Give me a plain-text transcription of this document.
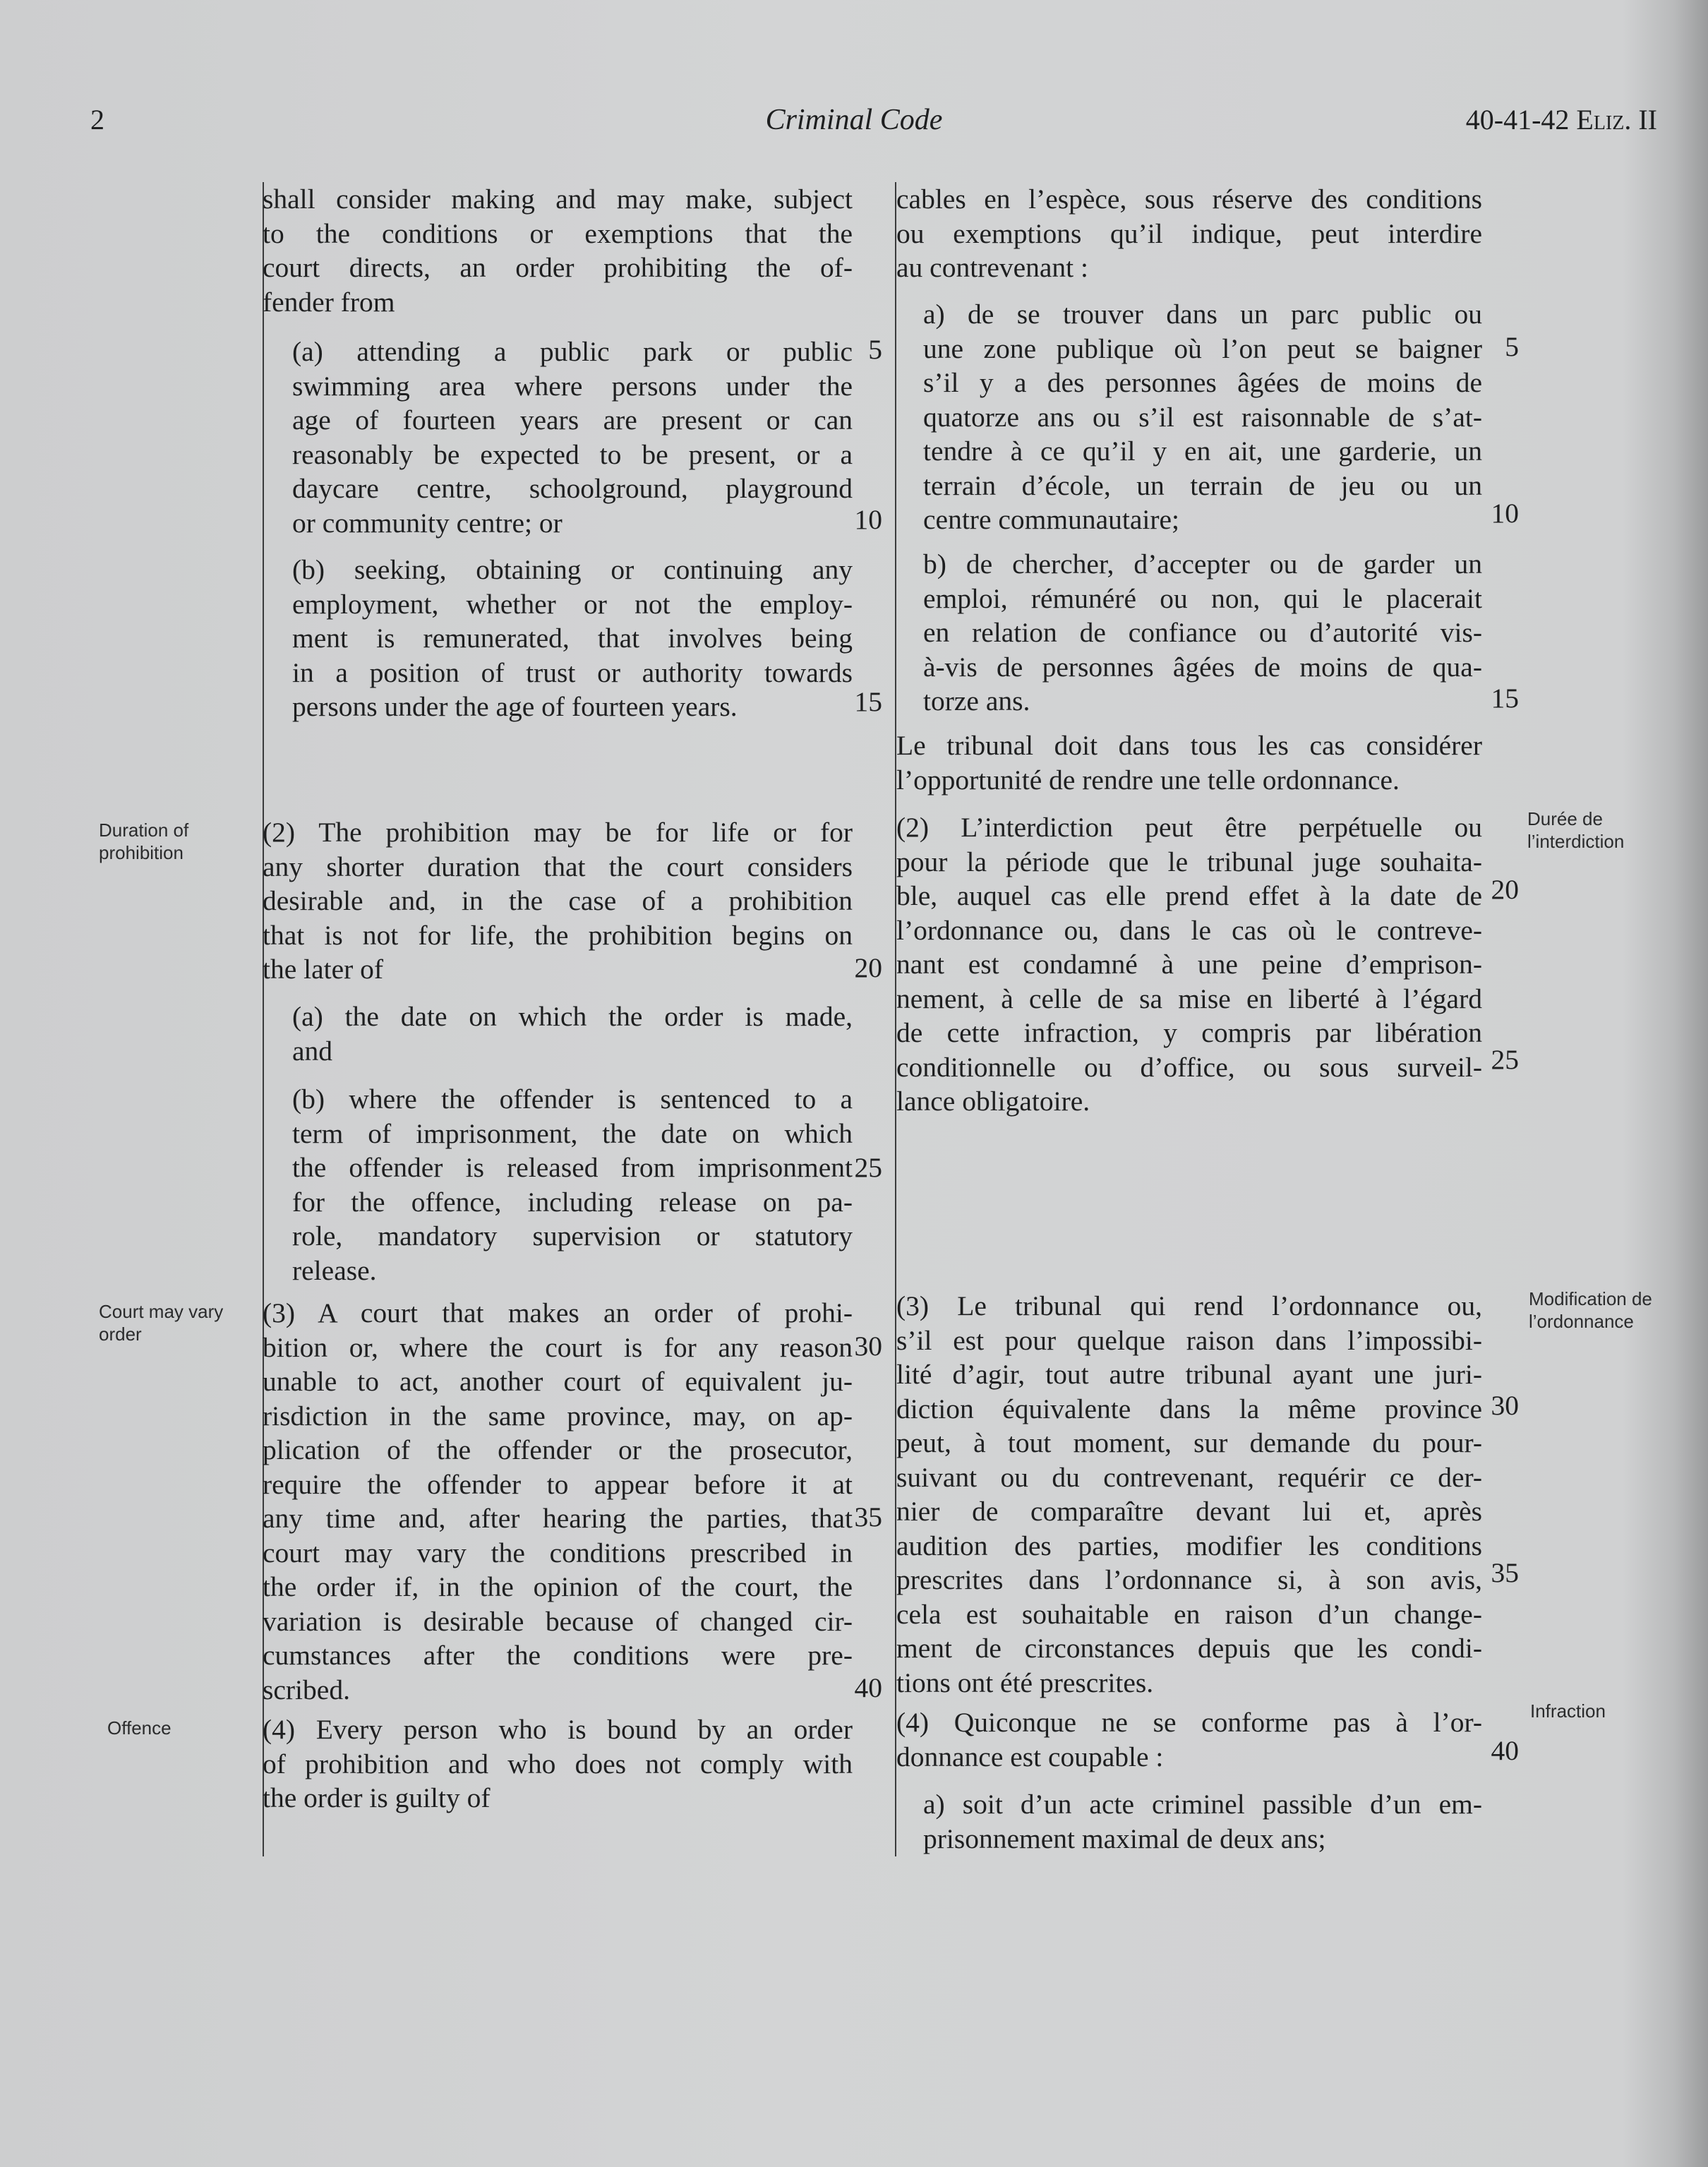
Criminal Code
2	40-41-42 Eliz. II
shall consider making and may make, subject
to the conditions or exemptions that the
court directs, an order prohibiting the of-
fender from
(a) attending a public park or public
swimming area where persons under the
age of fourteen years are present or can
reasonably be expected to be present, or a
daycare centre, schoolground, playground
or community centre; or
(b) seeking, obtaining or continuing any
employment, whether or not the employ-
ment is remunerated, that involves being
in a position of trust or authority towards
persons under the age of fourteen years.
(2) The prohibition may be for life or for
any shorter duration that the court considers
desirable and, in the case of a prohibition
that is not for life, the prohibition begins on
the later of
(a) the date on which the order is made,
and
(b) where the offender is sentenced to a
term of imprisonment, the date on which
the offender is released from imprisonment
for the offence, including release on pa-
role, mandatory supervision or statutory
release.
(3) A court that makes an order of prohi-
bition or, where the court is for any reason
unable to act, another court of equivalent ju-
risdiction in the same province, may, on ap-
plication of the offender or the prosecutor,
require the offender to appear before it at
any time and, after hearing the parties, that
court may vary the conditions prescribed in
the order if, in the opinion of the court, the
variation is desirable because of changed cir-
cumstances after the conditions were pre-
scribed.
(4) Every person who is bound by an order
of prohibition and who does not comply with
the order is guilty of
cables en l’espèce, sous réserve des conditions
ou exemptions qu’il indique, peut interdire
au contrevenant :
a) de se trouver dans un parc public ou
une zone publique où l’on peut se baigner
s’il y a des personnes âgées de moins de
quatorze ans ou s’il est raisonnable de s’at-
tendre à ce qu’il y en ait, une garderie, un
terrain d’école, un terrain de jeu ou un
centre communautaire;
b) de chercher, d’accepter ou de garder un
emploi, rémunéré ou non, qui le placerait
en relation de confiance ou d’autorité vis-
à-vis de personnes âgées de moins de qua-
torze ans.
Le tribunal doit dans tous les cas considérer
l’opportunité de rendre une telle ordonnance.
(2) L’interdiction peut être perpétuelle ou
pour la période que le tribunal juge souhaita-
ble, auquel cas elle prend effet à la date de
l’ordonnance ou, dans le cas où le contreve-
nant est condamné à une peine d’emprison-
nement, à celle de sa mise en liberté à l’égard
de cette infraction, y compris par libération
conditionnelle ou d’office, ou sous surveil-
lance obligatoire.
(3) Le tribunal qui rend l’ordonnance ou,
s’il est pour quelque raison dans l’impossibi-
lité d’agir, tout autre tribunal ayant une juri-
diction équivalente dans la même province
peut, à tout moment, sur demande du pour-
suivant ou du contrevenant, requérir ce der-
nier de comparaître devant lui et, après
audition des parties, modifier les conditions
prescrites dans l’ordonnance si, à son avis,
cela est souhaitable en raison d’un change-
ment de circonstances depuis que les condi-
tions ont été prescrites.
(4) Quiconque ne se conforme pas à l’or-
donnance est coupable :
a) soit d’un acte criminel passible d’un em-
prisonnement maximal de deux ans;
5
10
15
20
25
30
35
40
5
10
15
20
25
30
35
40
Duration of
prohibition
Court may vary
order
Offence
Durée de
l’interdiction
Modification de
l’ordonnance
Infraction
